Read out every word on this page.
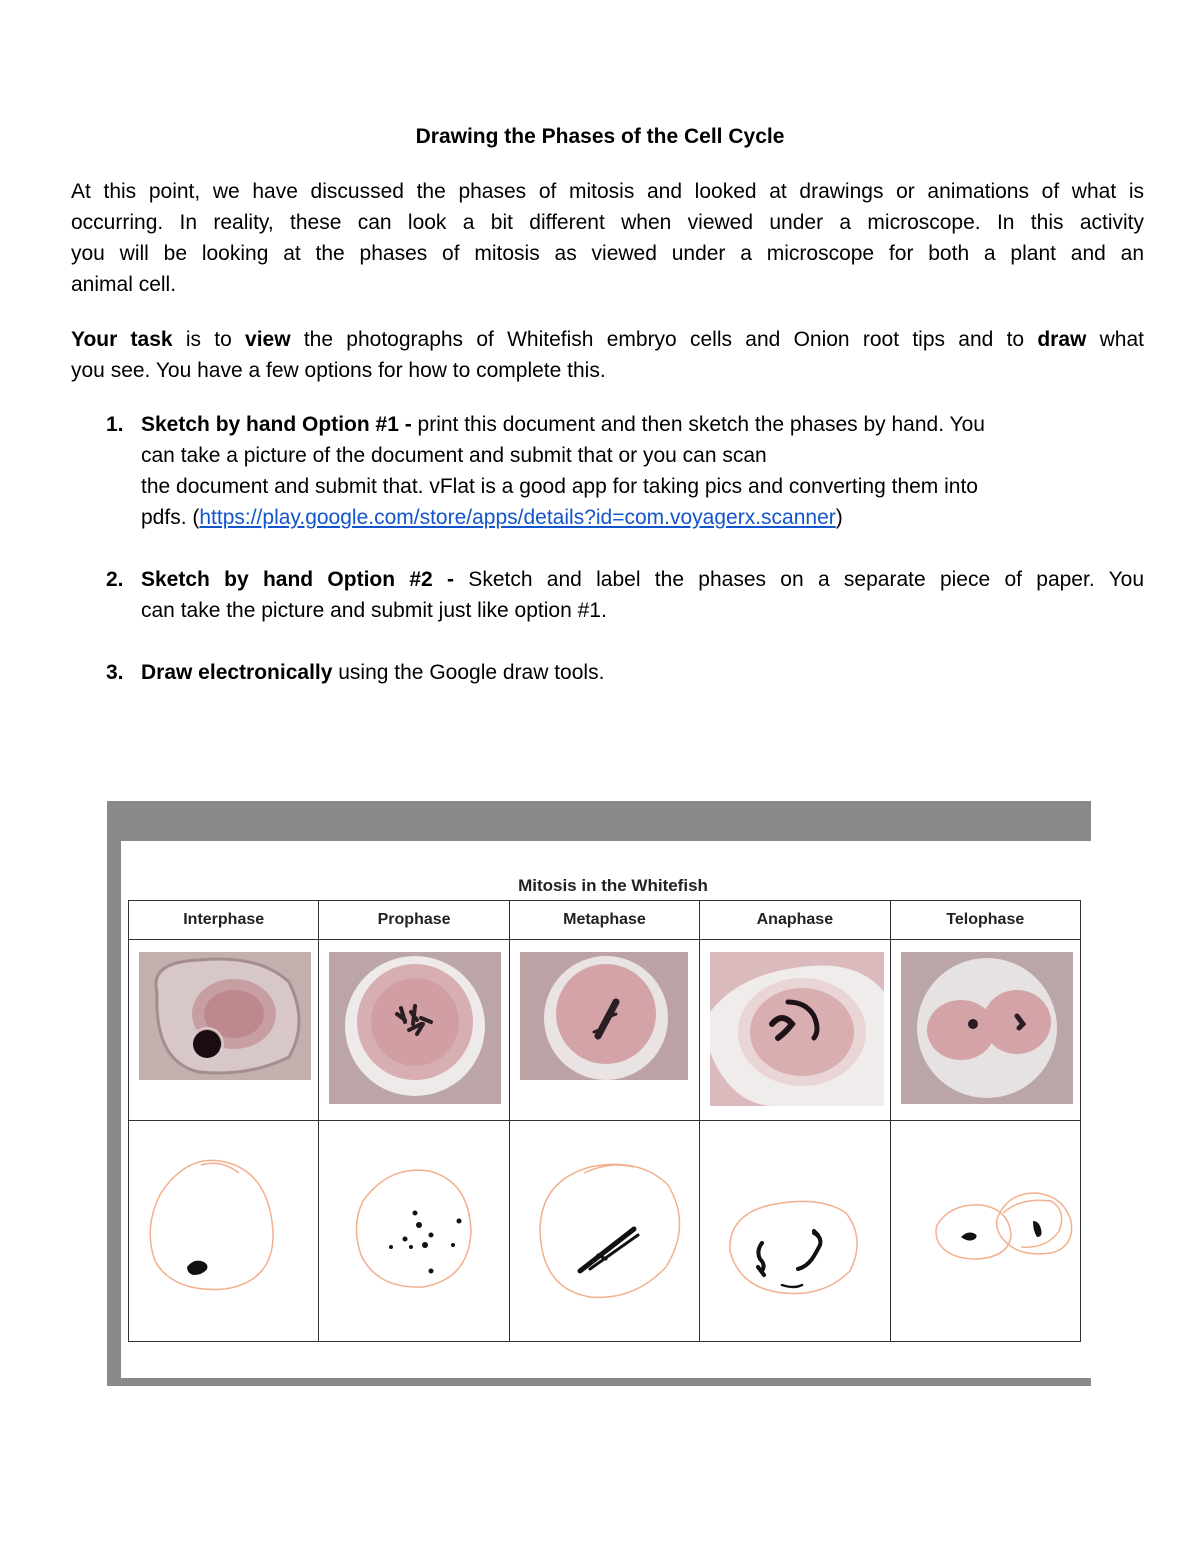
Drawing the Phases of the Cell Cycle

At this point, we have discussed the phases of mitosis and looked at drawings or animations of what is

occurring. In reality, these can look a bit different when viewed under a microscope. In this activity

you will be looking at the phases of mitosis as viewed under a microscope for both a plant and an

animal cell.

Your task is to view the photographs of Whitefish embryo cells and Onion root tips and to draw what

you see. You have a few options for how to complete this.

1. Sketch by hand Option #1 - print this document and then sketch the phases by hand. You
can take a picture of the document and submit that or you can scan
the document and submit that. vFlat is a good app for taking pics and converting them into
pdfs. (https://play.google.com/store/apps/details?id=com.voyagerx.scanner)
2. Sketch by hand Option #2 - Sketch and label the phases on a separate piece of paper. You
can take the picture and submit just like option #1.
3. Draw electronically using the Google draw tools.
Mitosis in the Whitefish
Interphase	Prophase	Metaphase	Anaphase	Telophase
